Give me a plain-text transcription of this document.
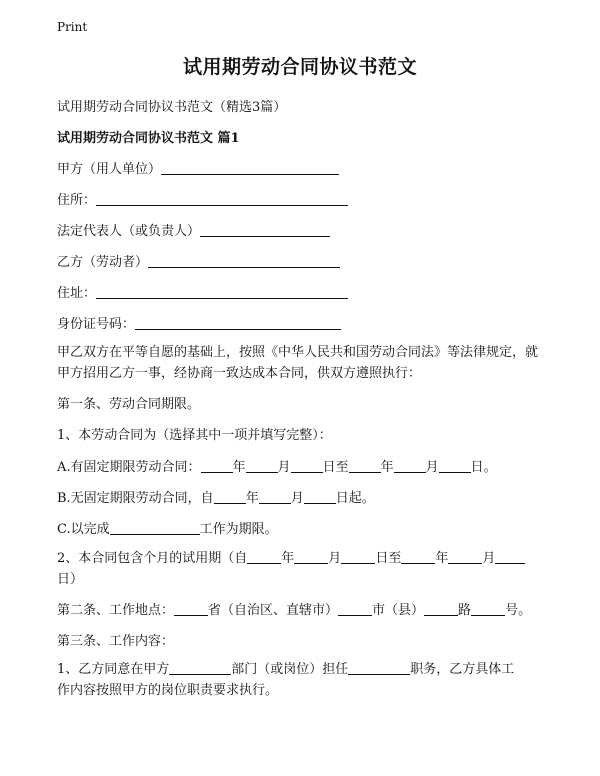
Print
试用期劳动合同协议书范文
试用期劳动合同协议书范文（精选3篇）
试用期劳动合同协议书范文 篇1
甲方（用人单位）
住所：
法定代表人（或负责人）
乙方（劳动者）
住址：
身份证号码：
甲乙双方在平等自愿的基础上，按照《中华人民共和国劳动合同法》等法律规定，就甲方招用乙方一事，经协商一致达成本合同，供双方遵照执行：
第一条、劳动合同期限。
1、本劳动合同为（选择其中一项并填写完整）：
A.有固定期限劳动合同： 年 月 日至 年 月 日。
B.无固定期限劳动合同，自 年 月 日起。
C.以完成	工作为期限。
2、本合同包含个月的试用期（自	年	月	日至	年	月日）
第二条、工作地点：	省（自治区、直辖市）	市（县）	路	号。
第三条、工作内容：
1、乙方同意在甲方	部门（或岗位）担任	职务，乙方具体工
作内容按照甲方的岗位职责要求执行。
